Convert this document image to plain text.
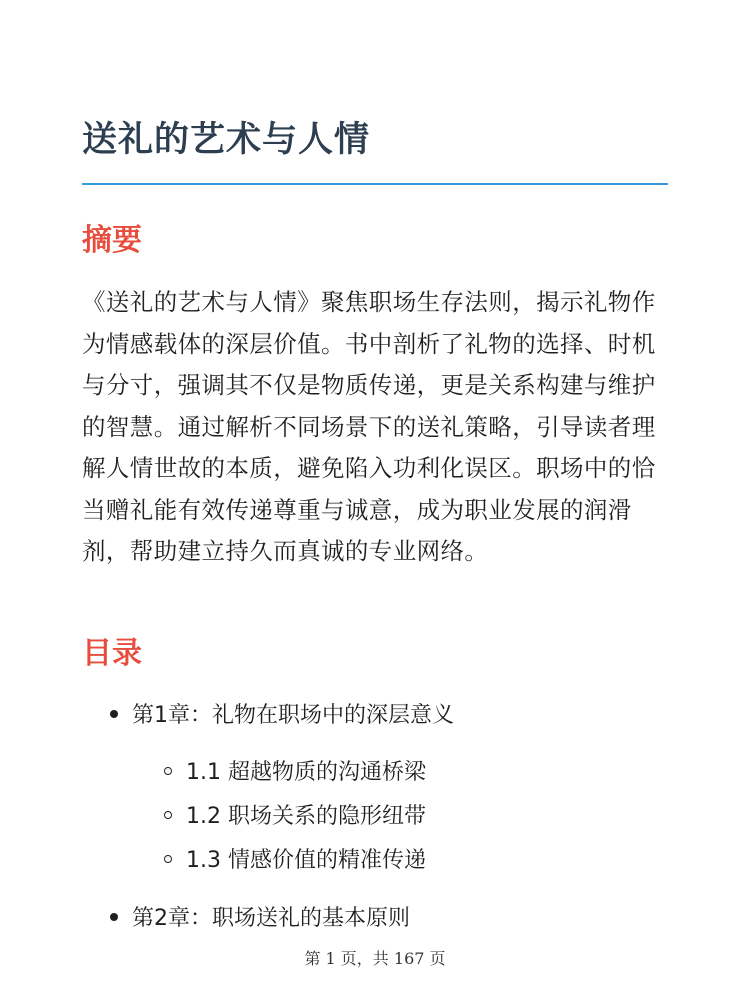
送礼的艺术与人情
摘要

《送礼的艺术与人情》聚焦职场生存法则，揭示礼物作为情感载体的深层价值。书中剖析了礼物的选择、时机与分寸，强调其不仅是物质传递，更是关系构建与维护的智慧。通过解析不同场景下的送礼策略，引导读者理解人情世故的本质，避免陷入功利化误区。职场中的恰当赠礼能有效传递尊重与诚意，成为职业发展的润滑剂，帮助建立持久而真诚的专业网络。

目录
第1章：礼物在职场中的深层意义
1.1 超越物质的沟通桥梁
1.2 职场关系的隐形纽带
1.3 情感价值的精准传递
第2章：职场送礼的基本原则
第 1 页，共 167 页
